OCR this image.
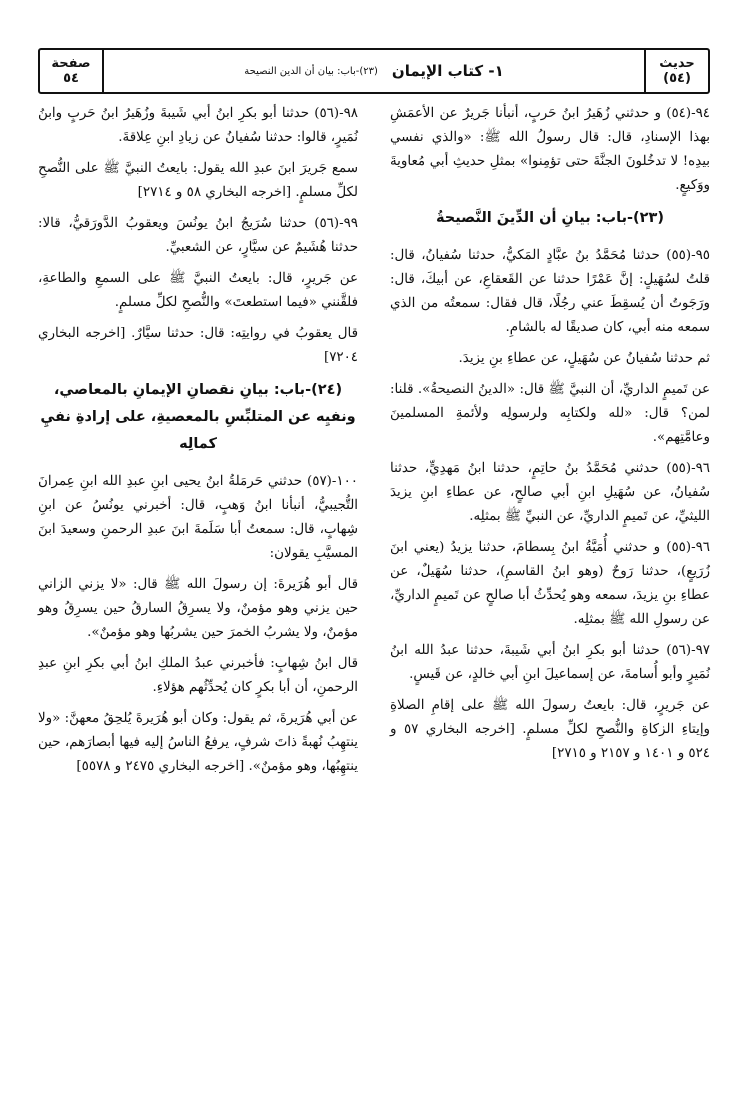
حديث
(٥٤)
١- كتاب الإيمان
(٢٣)-باب: بيان أن الدين النصيحة
صفحة
٥٤

٩٤-(٥٤) و حدثني زُهَيرُ ابنُ حَربٍ، أنبأنا جَريرٌ عن الأعمَشِ بهذا الإسنادِ، قال: قال رسولُ الله ﷺ: «والذي نفسي بيدِه! لا تدخُلونَ الجنَّةَ حتى تؤمِنوا» بمثلِ حديثِ أبي مُعاويةَ ووَكيعٍ.

(٢٣)-باب: بيانِ أن الدِّينَ النَّصيحةُ

٩٥-(٥٥) حدثنا مُحَمَّدُ بنُ عبَّادٍ المَكيُّ، حدثنا سُفيانُ، قال: قلتُ لسُهَيلٍ: إنَّ عَمْرًا حدثنا عن القَعقاعِ، عن أبيكَ، قال: ورَجَوتُ أن يُسقِطَ عني رجُلًا، قال فقال: سمعتُه من الذي سمعه منه أبي، كان صديقًا له بالشامِ.

ثم حدثنا سُفيانُ عن سُهَيلٍ، عن عطاءِ بنِ يزيدَ.

عن تَميمٍ الداريِّ، أن النبيَّ ﷺ قال: «الدينُ النصيحةُ». قلنا: لمن؟ قال: «لله ولكتابِه ولرسولِه ولأئمةِ المسلمينَ وعامَّتِهم».

٩٦-(٥٥) حدثني مُحَمَّدُ بنُ حاتِمٍ، حدثنا ابنُ مَهدِيٍّ، حدثنا سُفيانُ، عن سُهَيلِ ابنِ أبي صالحٍ، عن عطاءِ ابنِ يزيدَ الليثيِّ، عن تَميمٍ الداريِّ، عن النبيِّ ﷺ بمثلِه.

٩٦-(٥٥) و حدثني أُمَيَّةُ ابنُ بِسطامَ، حدثنا يزيدُ (يعني ابنَ زُرَيعٍ)، حدثنا رَوحٌ (وهو ابنُ القاسمِ)، حدثنا سُهَيلٌ، عن عطاءِ بنِ يزيدَ، سمعه وهو يُحدِّثُ أبا صالحٍ عن تَميمٍ الداريِّ، عن رسولِ الله ﷺ بمثلِه.

٩٧-(٥٦) حدثنا أبو بكرِ ابنُ أبي شَيبةَ، حدثنا عبدُ الله ابنُ نُمَيرٍ وأبو أُسامةَ، عن إسماعيلَ ابنِ أبي خالدٍ، عن قَيسٍ.

عن جَريرٍ، قال: بايعتُ رسولَ الله ﷺ على إقامِ الصلاةِ وإيتاءِ الزكاةِ والنُّصحِ لكلِّ مسلمٍ. [اخرجه البخاري ٥٧ و ٥٢٤ و ١٤٠١ و ٢١٥٧ و ٢٧١٥]

٩٨-(٥٦) حدثنا أبو بكرِ ابنُ أبي شَيبةَ وزُهَيرُ ابنُ حَربٍ وابنُ نُمَيرٍ، قالوا: حدثنا سُفيانُ عن زيادِ ابنِ عِلاقةَ.

سمع جَريرَ ابنَ عبدِ الله يقول: بايعتُ النبيَّ ﷺ على النُّصحِ لكلِّ مسلمٍ. [اخرجه البخاري ٥٨ و ٢٧١٤]

٩٩-(٥٦) حدثنا سُرَيجُ ابنُ يونُسَ ويعقوبُ الدَّورَقيُّ، قالا: حدثنا هُشَيمٌ عن سيَّارٍ، عن الشعبيِّ.

عن جَريرٍ، قال: بايعتُ النبيَّ ﷺ على السمعِ والطاعةِ، فلقَّنني «فيما استطعتَ» والنُّصحِ لكلِّ مسلمٍ.

قال يعقوبُ في روايتِه: قال: حدثنا سيَّارٌ. [اخرجه البخاري ٧٢٠٤]

(٢٤)-باب: بيانِ نقصانِ الإيمانِ بالمعاصي، ونفيِه عن المتلبِّسِ بالمعصيةِ، على إرادةِ نفيِ كمالِه

١٠٠-(٥٧) حدثني حَرمَلةُ ابنُ يحيى ابنِ عبدِ الله ابنِ عِمرانَ التُّجيبيُّ، أنبأنا ابنُ وَهبٍ، قال: أخبرني يونُسُ عن ابنِ شِهابٍ، قال: سمعتُ أبا سَلَمةَ ابنَ عبدِ الرحمنِ وسعيدَ ابنَ المسيَّبِ يقولان:

قال أبو هُرَيرةَ: إن رسولَ الله ﷺ قال: «لا يزني الزاني حين يزني وهو مؤمنٌ، ولا يسرِقُ السارقُ حين يسرِقُ وهو مؤمنٌ، ولا يشربُ الخمرَ حين يشربُها وهو مؤمنٌ».

قال ابنُ شِهابٍ: فأخبرني عبدُ الملكِ ابنُ أبي بكرِ ابنِ عبدِ الرحمنِ، أن أبا بكرٍ كان يُحدِّثُهم هؤلاءِ.

عن أبي هُرَيرةَ، ثم يقول: وكان أبو هُرَيرةَ يُلحِقُ معهنَّ: «ولا ينتهِبُ نُهبةً ذاتَ شرفٍ، يرفعُ الناسُ إليه فيها أبصارَهم، حين ينتهِبُها، وهو مؤمنٌ». [اخرجه البخاري ٢٤٧٥ و ٥٥٧٨]
